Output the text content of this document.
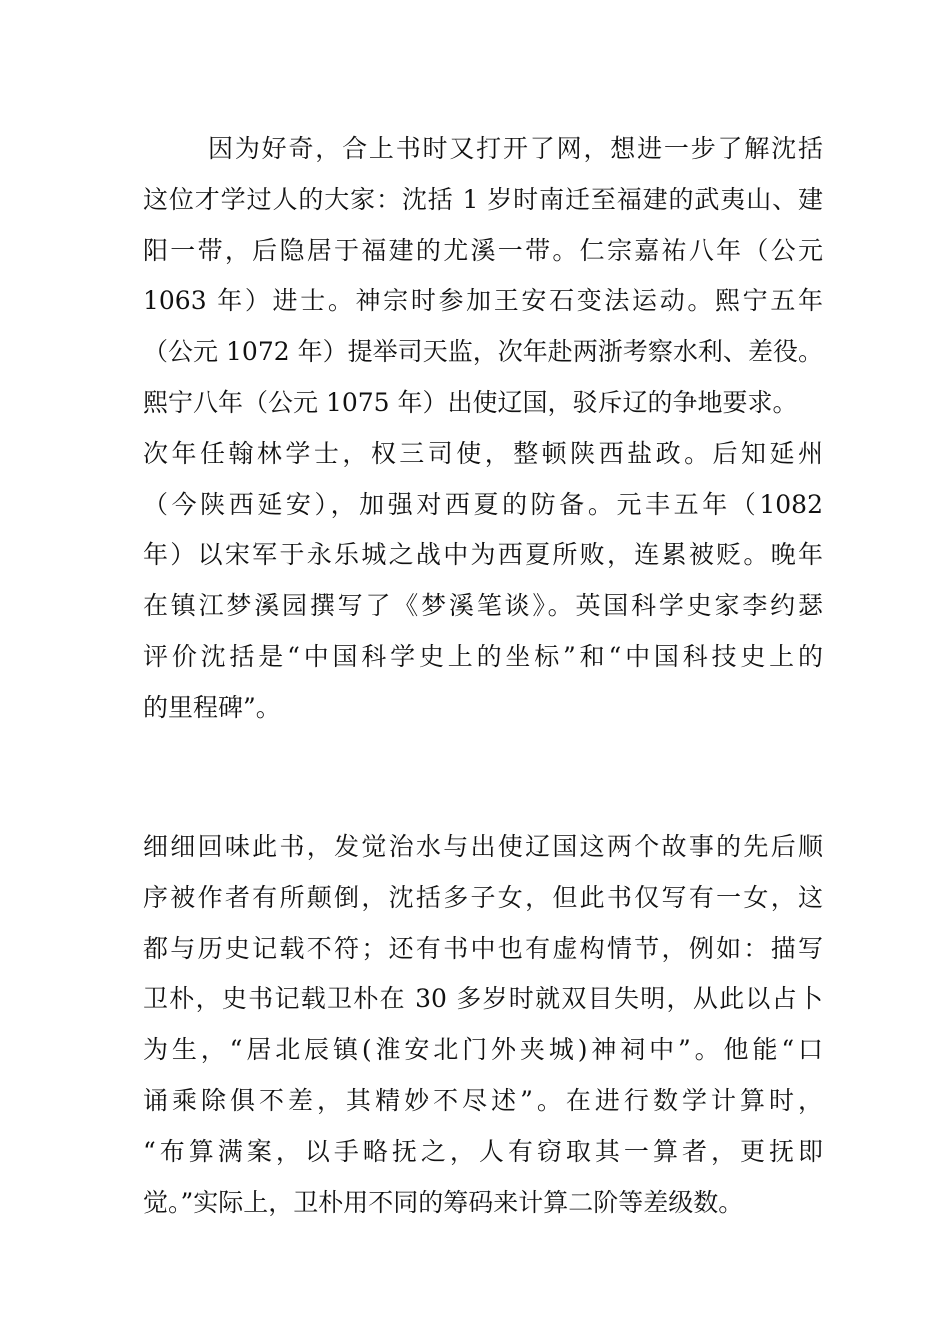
因为好奇，合上书时又打开了网，想进一步了解沈括
这位才学过人的大家：沈括 1 岁时南迁至福建的武夷山、建
阳一带，后隐居于福建的尤溪一带。仁宗嘉祐八年（公元
1063 年）进士。神宗时参加王安石变法运动。熙宁五年
（公元 1072 年）提举司天监，次年赴两浙考察水利、差役。
熙宁八年（公元 1075 年）出使辽国，驳斥辽的争地要求。
次年任翰林学士，权三司使，整顿陕西盐政。后知延州
（今陕西延安），加强对西夏的防备。元丰五年（1082
年）以宋军于永乐城之战中为西夏所败，连累被贬。晚年
在镇江梦溪园撰写了《梦溪笔谈》。英国科学史家李约瑟
评价沈括是“中国科学史上的坐标”和“中国科技史上的
的里程碑”。
细细回味此书，发觉治水与出使辽国这两个故事的先后顺
序被作者有所颠倒，沈括多子女，但此书仅写有一女，这
都与历史记载不符；还有书中也有虚构情节，例如：描写
卫朴，史书记载卫朴在 30 多岁时就双目失明，从此以占卜
为生，“居北辰镇(淮安北门外夹城)神祠中”。他能“口
诵乘除俱不差，其精妙不尽述”。在进行数学计算时，
“布算满案，以手略抚之，人有窃取其一算者，更抚即
觉。”实际上，卫朴用不同的筹码来计算二阶等差级数。
